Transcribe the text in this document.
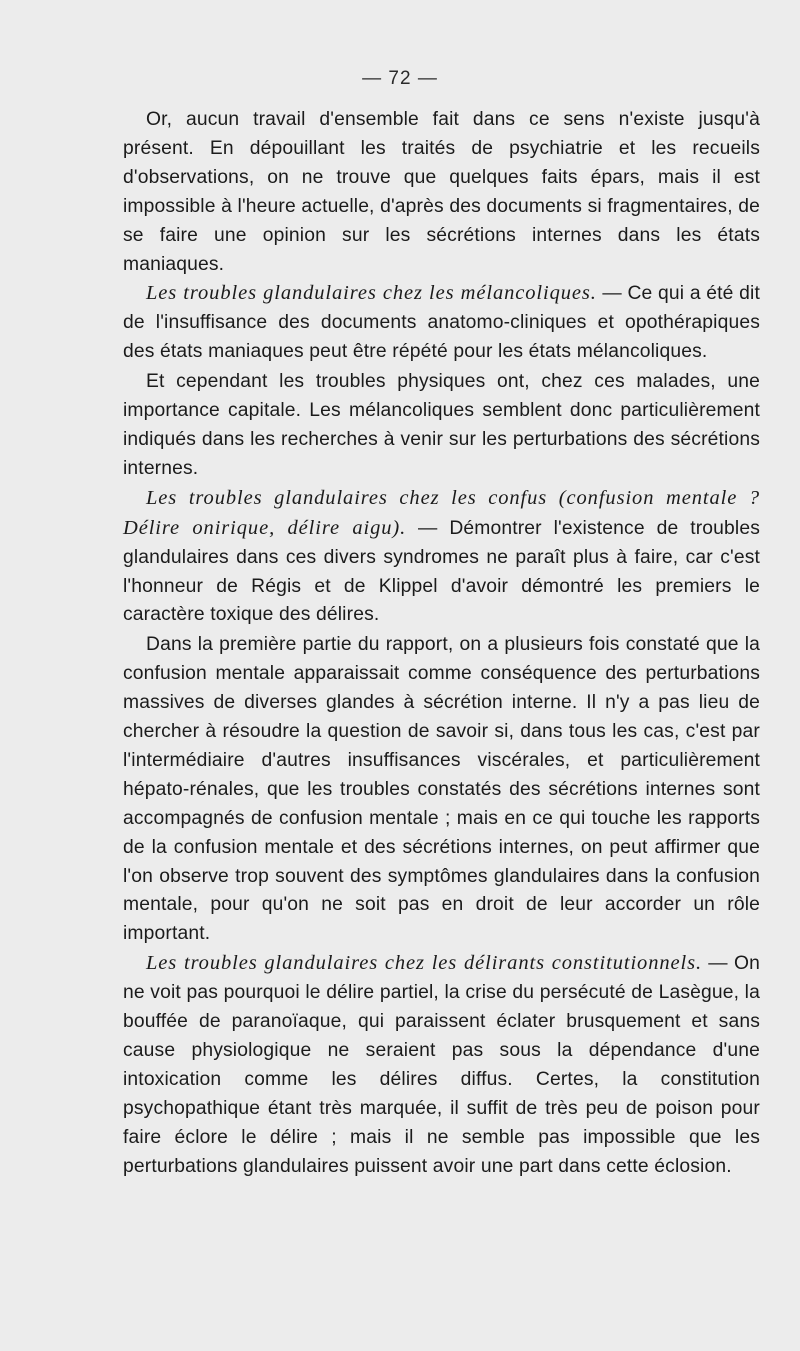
— 72 —

Or, aucun travail d'ensemble fait dans ce sens n'existe jusqu'à présent. En dépouillant les traités de psychiatrie et les recueils d'observations, on ne trouve que quelques faits épars, mais il est impossible à l'heure actuelle, d'après des documents si fragmentaires, de se faire une opinion sur les sécrétions internes dans les états maniaques.

Les troubles glandulaires chez les mélancoliques. — Ce qui a été dit de l'insuffisance des documents anatomo-cliniques et opothérapiques des états maniaques peut être répété pour les états mélancoliques.

Et cependant les troubles physiques ont, chez ces malades, une importance capitale. Les mélancoliques semblent donc particulièrement indiqués dans les recherches à venir sur les perturbations des sécrétions internes.

Les troubles glandulaires chez les confus (confusion mentale ? Délire onirique, délire aigu). — Démontrer l'existence de troubles glandulaires dans ces divers syndromes ne paraît plus à faire, car c'est l'honneur de Régis et de Klippel d'avoir démontré les premiers le caractère toxique des délires.

Dans la première partie du rapport, on a plusieurs fois constaté que la confusion mentale apparaissait comme conséquence des perturbations massives de diverses glandes à sécrétion interne. Il n'y a pas lieu de chercher à résoudre la question de savoir si, dans tous les cas, c'est par l'intermédiaire d'autres insuffisances viscérales, et particulièrement hépato-rénales, que les troubles constatés des sécrétions internes sont accompagnés de confusion mentale ; mais en ce qui touche les rapports de la confusion mentale et des sécrétions internes, on peut affirmer que l'on observe trop souvent des symptômes glandulaires dans la confusion mentale, pour qu'on ne soit pas en droit de leur accorder un rôle important.

Les troubles glandulaires chez les délirants constitutionnels. — On ne voit pas pourquoi le délire partiel, la crise du persécuté de Lasègue, la bouffée de paranoïaque, qui paraissent éclater brusquement et sans cause physiologique ne seraient pas sous la dépendance d'une intoxication comme les délires diffus. Certes, la constitution psychopathique étant très marquée, il suffit de très peu de poison pour faire éclore le délire ; mais il ne semble pas impossible que les perturbations glandulaires puissent avoir une part dans cette éclosion.
